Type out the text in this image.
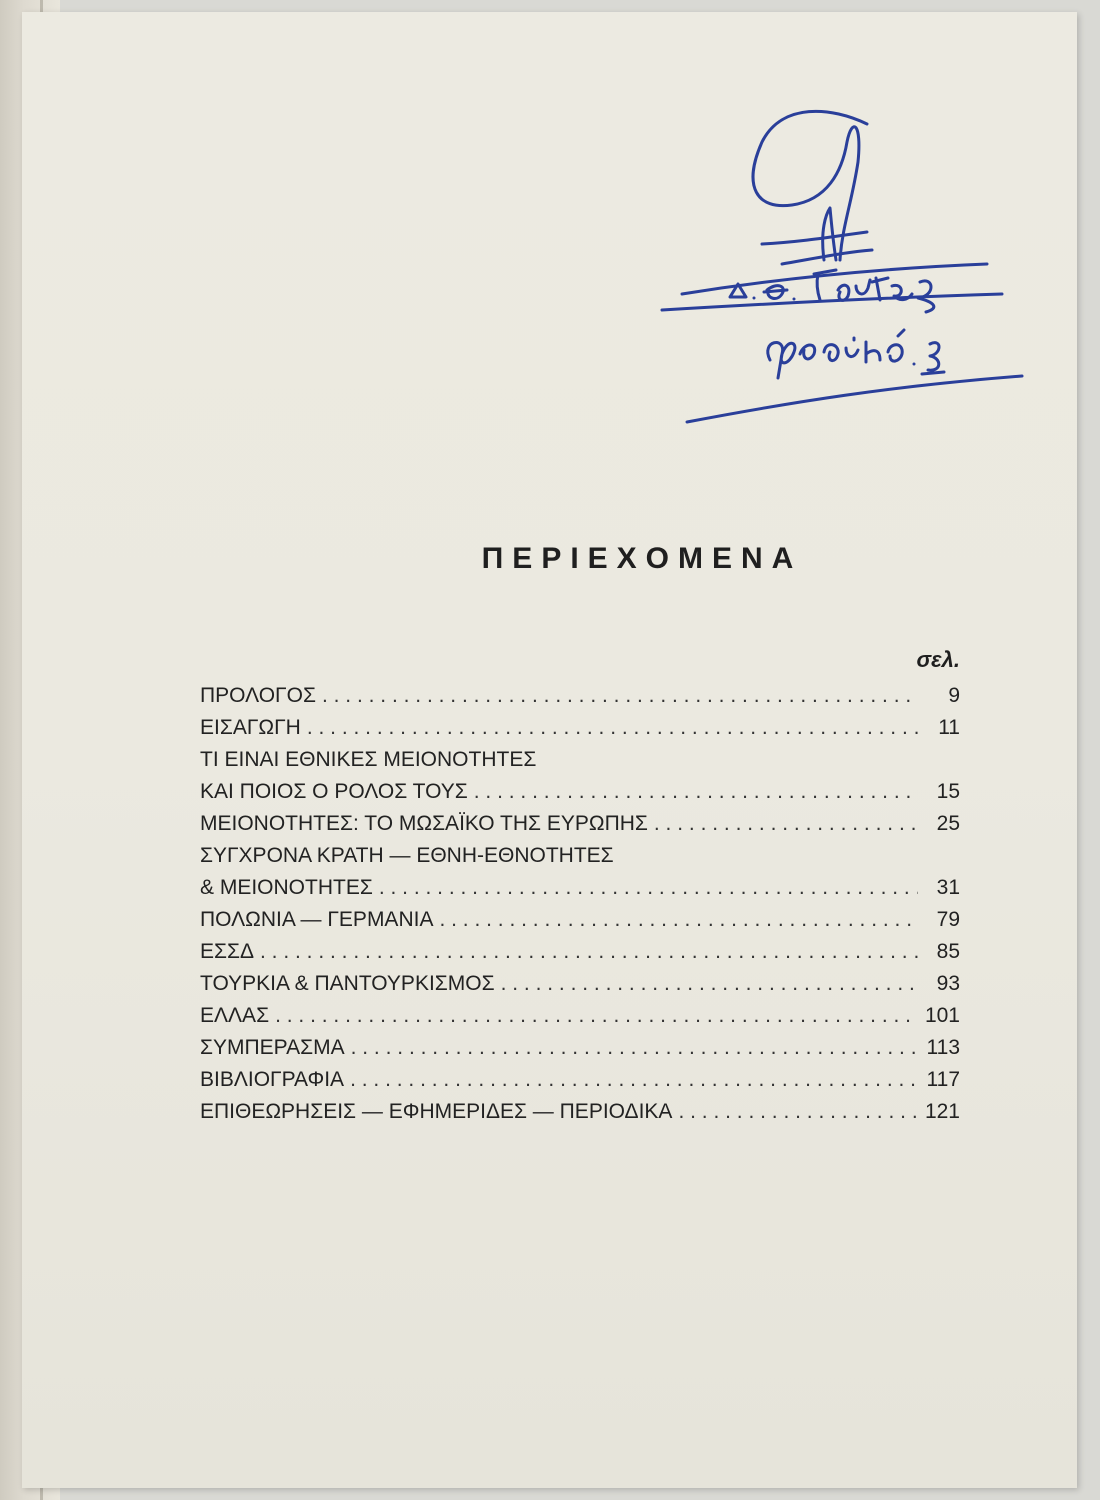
ΠΕΡΙΕΧΟΜΕΝΑ
σελ.
ΠΡΟΛΟΓΟΣ . . .	9
ΕΙΣΑΓΩΓΗ . . .	11
ΤΙ ΕΙΝΑΙ ΕΘΝΙΚΕΣ ΜΕΙΟΝΟΤΗΤΕΣ
ΚΑΙ ΠΟΙΟΣ Ο ΡΟΛΟΣ ΤΟΥΣ . . .	15
ΜΕΙΟΝΟΤΗΤΕΣ: ΤΟ ΜΩΣΑΪΚΟ ΤΗΣ ΕΥΡΩΠΗΣ . . .	25
ΣΥΓΧΡΟΝΑ ΚΡΑΤΗ — ΕΘΝΗ-ΕΘΝΟΤΗΤΕΣ
& ΜΕΙΟΝΟΤΗΤΕΣ . . .	31
ΠΟΛΩΝΙΑ — ΓΕΡΜΑΝΙΑ . . .	79
ΕΣΣΔ . . .	85
ΤΟΥΡΚΙΑ & ΠΑΝΤΟΥΡΚΙΣΜΟΣ . . .	93
ΕΛΛΑΣ . . .	101
ΣΥΜΠΕΡΑΣΜΑ . . .	113
ΒΙΒΛΙΟΓΡΑΦΙΑ . . .	117
ΕΠΙΘΕΩΡΗΣΕΙΣ — ΕΦΗΜΕΡΙΔΕΣ — ΠΕΡΙΟΔΙΚΑ . . .	121
